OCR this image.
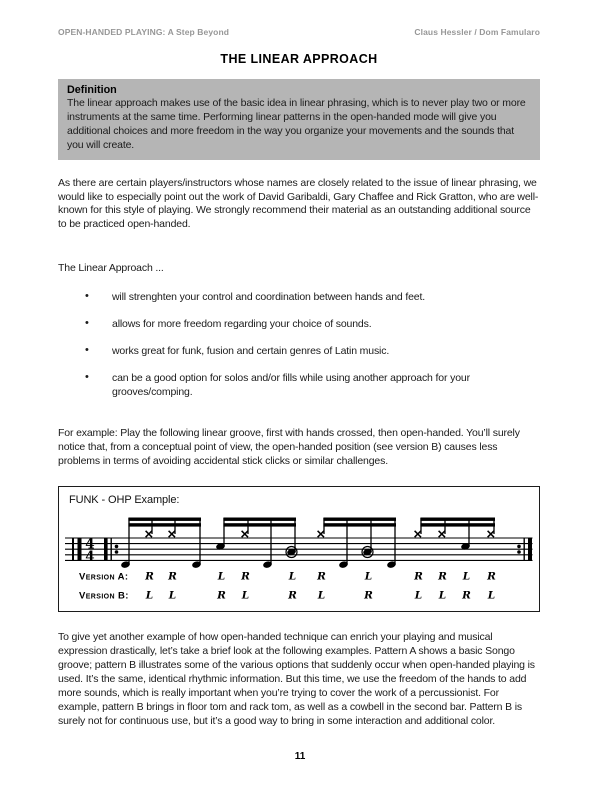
OPEN-HANDED PLAYING: A Step Beyond	Claus Hessler / Dom Famularo
THE LINEAR APPROACH
Definition
The linear approach makes use of the basic idea in linear phrasing, which is to never play two or more instruments at the same time. Performing linear patterns in the open-handed mode will give you additional choices and more freedom in the way you organize your movements and the sounds that you will create.

As there are certain players/instructors whose names are closely related to the issue of linear phrasing, we would like to especially point out the work of David Garibaldi, Gary Chaffee and Rick Gratton, who are well-known for this style of playing. We strongly recommend their material as an outstanding additional source to be practiced open-handed.

The Linear Approach ...

• will strenghten your control and coordination between hands and feet.
• allows for more freedom regarding your choice of sounds.
• works great for funk, fusion and certain genres of Latin music.
• can be a good option for solos and/or fills while using another approach for your grooves/comping.

For example: Play the following linear groove, first with hands crossed, then open-handed. You’ll surely notice that, from a conceptual point of view, the open-handed position (see version B) causes less problems in terms of avoiding accidental stick clicks or similar challenges.

FUNK - OHP Example:
4
4
Version A: R R	L R	L R	L	R R L R
Version B: L L	R L	R L	R	L L R L

To give yet another example of how open-handed technique can enrich your playing and musical expression drastically, let’s take a brief look at the following examples. Pattern A shows a basic Songo groove; pattern B illustrates some of the various options that suddenly occur when open-handed playing is used. It’s the same, identical rhythmic information. But this time, we use the freedom of the hands to add more sounds, which is really important when you’re trying to cover the work of a percussionist. For example, pattern B brings in floor tom and rack tom, as well as a cowbell in the second bar. Pattern B is surely not for continuous use, but it’s a good way to bring in some interaction and additional color.

11
